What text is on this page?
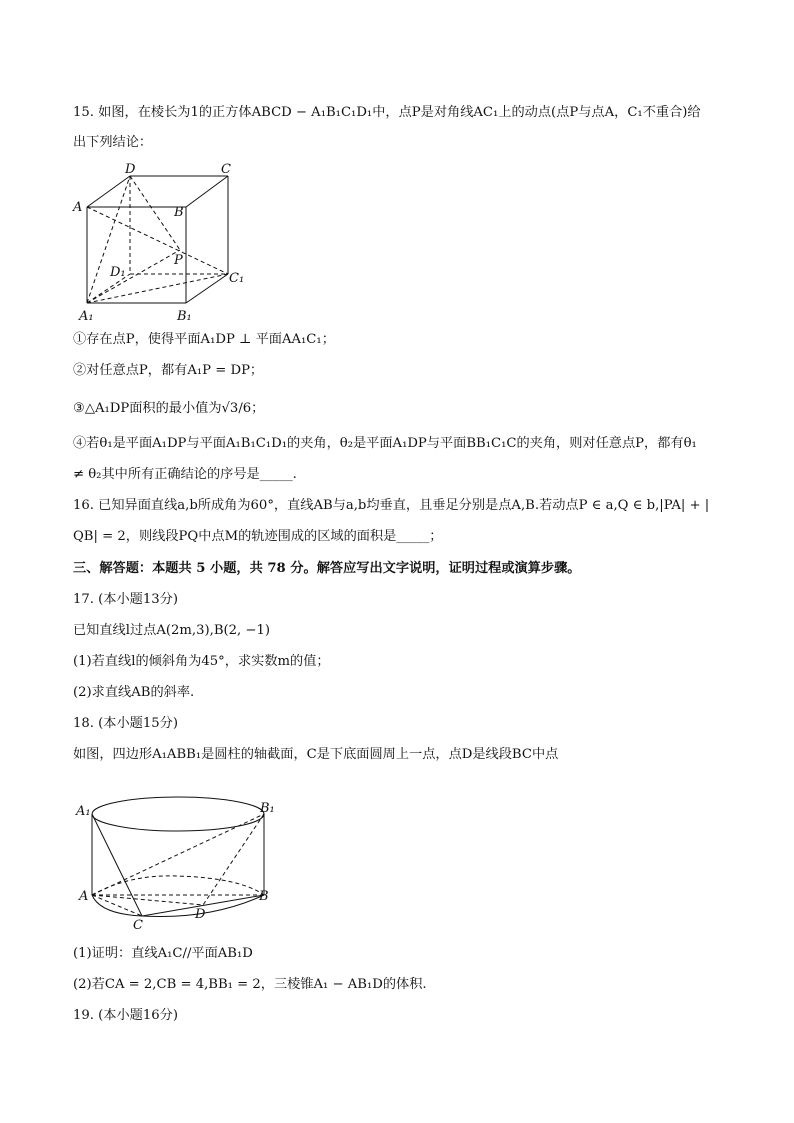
15. 如图，在棱长为1的正方体ABCD − A₁B₁C₁D₁中，点P是对角线AC₁上的动点(点P与点A，C₁不重合)给
出下列结论：
D	C
A	B
P
D₁	C₁
A₁	B₁
①存在点P，使得平面A₁DP ⊥ 平面AA₁C₁；
②对任意点P，都有A₁P = DP；
③△A₁DP面积的最小值为√3/6；
④若θ₁是平面A₁DP与平面A₁B₁C₁D₁的夹角，θ₂是平面A₁DP与平面BB₁C₁C的夹角，则对任意点P，都有θ₁
≠ θ₂其中所有正确结论的序号是_____.
16. 已知异面直线a,b所成角为60°，直线AB与a,b均垂直，且垂足分别是点A,B.若动点P ∈ a,Q ∈ b,|PA| + |
QB| = 2，则线段PQ中点M的轨迹围成的区域的面积是_____；
三、解答题：本题共 5 小题，共 78 分。解答应写出文字说明，证明过程或演算步骤。
17. (本小题13分)
已知直线l过点A(2m,3),B(2, −1)
(1)若直线l的倾斜角为45°，求实数m的值；
(2)求直线AB的斜率.
18. (本小题15分)
如图，四边形A₁ABB₁是圆柱的轴截面，C是下底面圆周上一点，点D是线段BC中点
A₁	B₁
A	B
C
D
(1)证明：直线A₁C//平面AB₁D
(2)若CA = 2,CB = 4,BB₁ = 2，三棱锥A₁ − AB₁D的体积.
19. (本小题16分)
